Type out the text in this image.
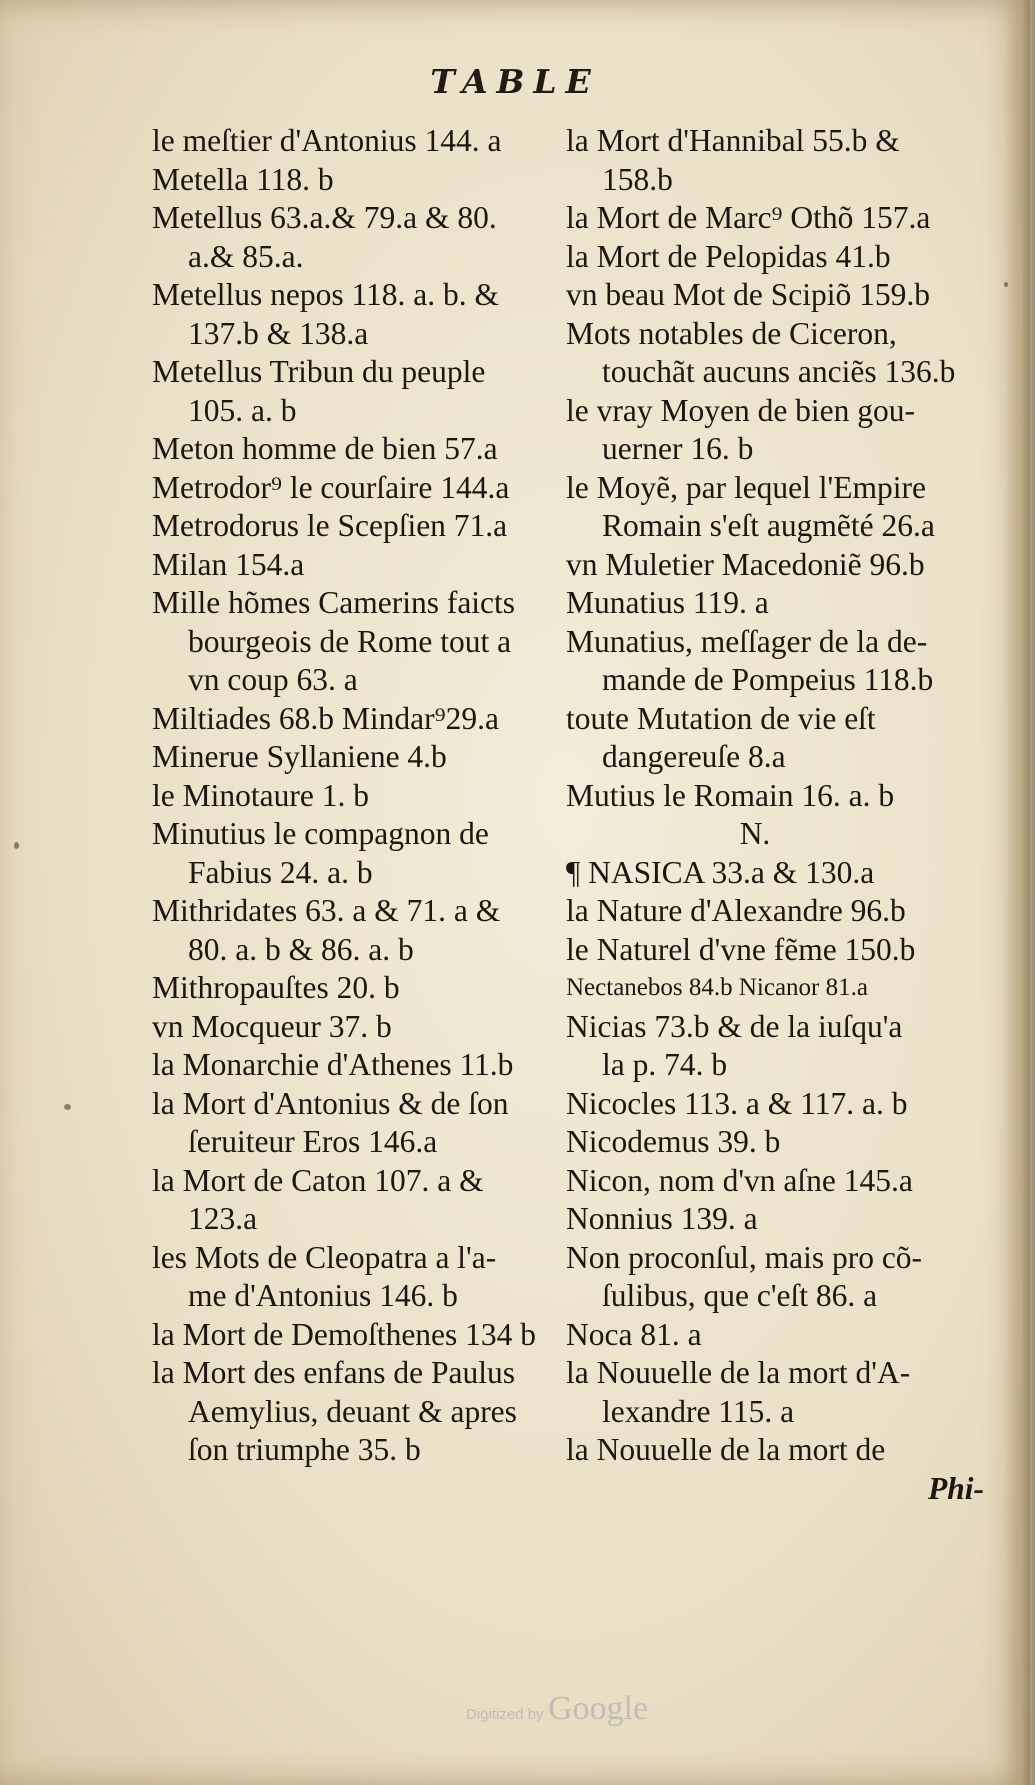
TABLE
le meſtier d'Antonius 144. a
Metella 118. b
Metellus 63.a.& 79.a & 80.
a.& 85.a.
Metellus nepos 118. a. b. &
137.b & 138.a
Metellus Tribun du peuple
105. a. b
Meton homme de bien 57.a
Metrodor⁹ le courſaire 144.a
Metrodorus le Scepſien 71.a
Milan 154.a
Mille hõmes Camerins faicts
bourgeois de Rome tout a
vn coup 63. a
Miltiades 68.b Mindar⁹29.a
Minerue Syllaniene 4.b
le Minotaure 1. b
Minutius le compagnon de
Fabius 24. a. b
Mithridates 63. a & 71. a &
80. a. b & 86. a. b
Mithropauſtes 20. b
vn Mocqueur 37. b
la Monarchie d'Athenes 11.b
la Mort d'Antonius & de ſon
ſeruiteur Eros 146.a
la Mort de Caton 107. a &
123.a
les Mots de Cleopatra a l'a-
me d'Antonius 146. b
la Mort de Demoſthenes 134 b
la Mort des enfans de Paulus
Aemylius, deuant & apres
ſon triumphe 35. b
la Mort d'Hannibal 55.b &
158.b
la Mort de Marc⁹ Othõ 157.a
la Mort de Pelopidas 41.b
vn beau Mot de Scipiõ 159.b
Mots notables de Ciceron,
touchãt aucuns anciẽs 136.b
le vray Moyen de bien gou-
uerner 16. b
le Moyẽ, par lequel l'Empire
Romain s'eſt augmẽté 26.a
vn Muletier Macedoniẽ 96.b
Munatius 119. a
Munatius, meſſager de la de-
mande de Pompeius 118.b
toute Mutation de vie eſt
dangereuſe 8.a
Mutius le Romain 16. a. b
N.
¶ NASICA 33.a & 130.a
la Nature d'Alexandre 96.b
le Naturel d'vne fẽme 150.b
Nectanebos 84.b Nicanor 81.a
Nicias 73.b & de la iuſqu'a
la p. 74. b
Nicocles 113. a & 117. a. b
Nicodemus 39. b
Nicon, nom d'vn aſne 145.a
Nonnius 139. a
Non proconſul, mais pro cõ-
ſulibus, que c'eſt 86. a
Noca 81. a
la Nouuelle de la mort d'A-
lexandre 115. a
la Nouuelle de la mort de
Phi-
Digitized by Google
